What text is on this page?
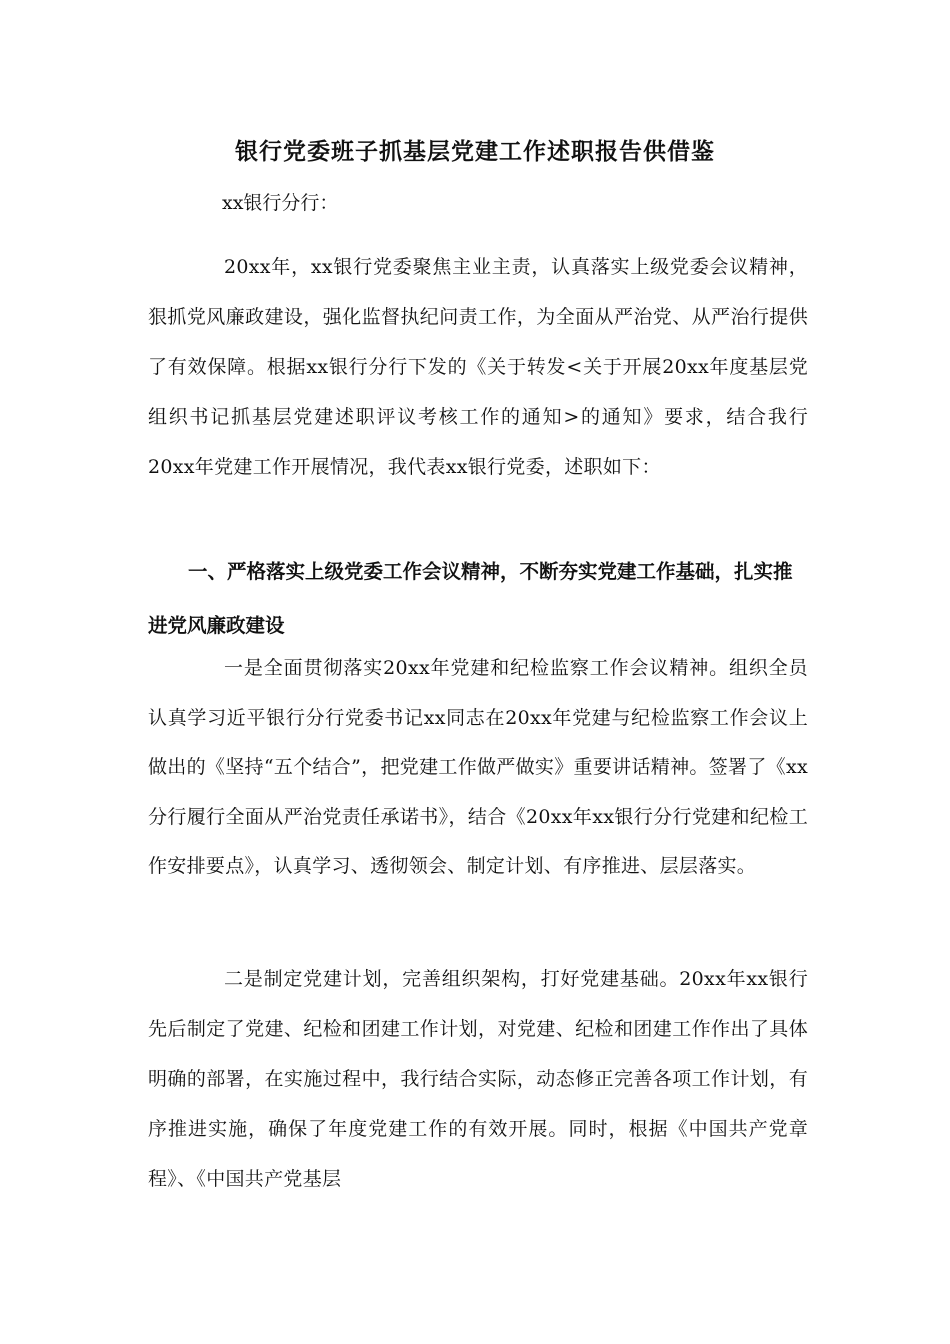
银行党委班子抓基层党建工作述职报告供借鉴
xx银行分行：
20xx年，xx银行党委聚焦主业主责，认真落实上级党委会议精神，狠抓党风廉政建设，强化监督执纪问责工作，为全面从严治党、从严治行提供了有效保障。根据xx银行分行下发的《关于转发<关于开展20xx年度基层党组织书记抓基层党建述职评议考核工作的通知>的通知》要求，结合我行20xx年党建工作开展情况，我代表xx银行党委，述职如下：
一、严格落实上级党委工作会议精神，不断夯实党建工作基础，扎实推进党风廉政建设
一是全面贯彻落实20xx年党建和纪检监察工作会议精神。组织全员认真学习近平银行分行党委书记xx同志在20xx年党建与纪检监察工作会议上做出的《坚持“五个结合”，把党建工作做严做实》重要讲话精神。签署了《xx分行履行全面从严治党责任承诺书》，结合《20xx年xx银行分行党建和纪检工作安排要点》，认真学习、透彻领会、制定计划、有序推进、层层落实。
二是制定党建计划，完善组织架构，打好党建基础。20xx年xx银行先后制定了党建、纪检和团建工作计划，对党建、纪检和团建工作作出了具体明确的部署，在实施过程中，我行结合实际，动态修正完善各项工作计划，有序推进实施，确保了年度党建工作的有效开展。同时，根据《中国共产党章程》、《中国共产党基层
